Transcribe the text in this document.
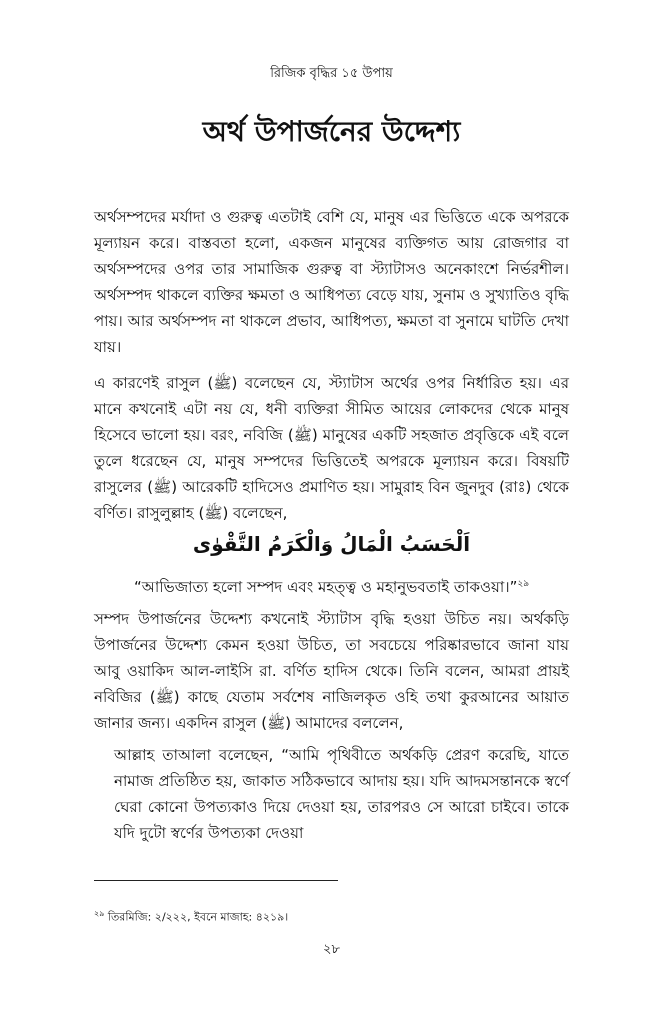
রিজিক বৃদ্ধির ১৫ উপায়
অর্থ উপার্জনের উদ্দেশ্য
অর্থসম্পদের মর্যাদা ও গুরুত্ব এতটাই বেশি যে, মানুষ এর ভিত্তিতে একে অপরকে মূল্যায়ন করে। বাস্তবতা হলো, একজন মানুষের ব্যক্তিগত আয় রোজগার বা অর্থসম্পদের ওপর তার সামাজিক গুরুত্ব বা স্ট্যাটাসও অনেকাংশে নির্ভরশীল। অর্থসম্পদ থাকলে ব্যক্তির ক্ষমতা ও আধিপত্য বেড়ে যায়, সুনাম ও সুখ্যাতিও বৃদ্ধি পায়। আর অর্থসম্পদ না থাকলে প্রভাব, আধিপত্য, ক্ষমতা বা সুনামে ঘাটতি দেখা যায়।
এ কারণেই রাসুল (ﷺ) বলেছেন যে, স্ট্যাটাস অর্থের ওপর নির্ধারিত হয়। এর মানে কখনোই এটা নয় যে, ধনী ব্যক্তিরা সীমিত আয়ের লোকদের থেকে মানুষ হিসেবে ভালো হয়। বরং, নবিজি (ﷺ) মানুষের একটি সহজাত প্রবৃত্তিকে এই বলে তুলে ধরেছেন যে, মানুষ সম্পদের ভিত্তিতেই অপরকে মূল্যায়ন করে। বিষয়টি রাসুলের (ﷺ) আরেকটি হাদিসেও প্রমাণিত হয়। সামুরাহ বিন জুনদুব (রাঃ) থেকে বর্ণিত। রাসুলুল্লাহ (ﷺ) বলেছেন,
اَلْحَسَبُ الْمَالُ وَالْكَرَمُ التَّقْوٰى
“আভিজাত্য হলো সম্পদ এবং মহত্ত্ব ও মহানুভবতাই তাকওয়া।”$^{২৯}$
সম্পদ উপার্জনের উদ্দেশ্য কখনোই স্ট্যাটাস বৃদ্ধি হওয়া উচিত নয়। অর্থকড়ি উপার্জনের উদ্দেশ্য কেমন হওয়া উচিত, তা সবচেয়ে পরিষ্কারভাবে জানা যায় আবু ওয়াকিদ আল-লাইসি রা. বর্ণিত হাদিস থেকে। তিনি বলেন, আমরা প্রায়ই নবিজির (ﷺ) কাছে যেতাম সর্বশেষ নাজিলকৃত ওহি তথা কুরআনের আয়াত জানার জন্য। একদিন রাসুল (ﷺ) আমাদের বললেন,
আল্লাহ তাআলা বলেছেন, “আমি পৃথিবীতে অর্থকড়ি প্রেরণ করেছি, যাতে নামাজ প্রতিষ্ঠিত হয়, জাকাত সঠিকভাবে আদায় হয়। যদি আদমসন্তানকে স্বর্ণে ঘেরা কোনো উপত্যকাও দিয়ে দেওয়া হয়, তারপরও সে আরো চাইবে। তাকে যদি দুটো স্বর্ণের উপত্যকা দেওয়া
$^{২৯}$ তিরমিজি: ২/২২২, ইবনে মাজাহ: ৪২১৯।
২৮
